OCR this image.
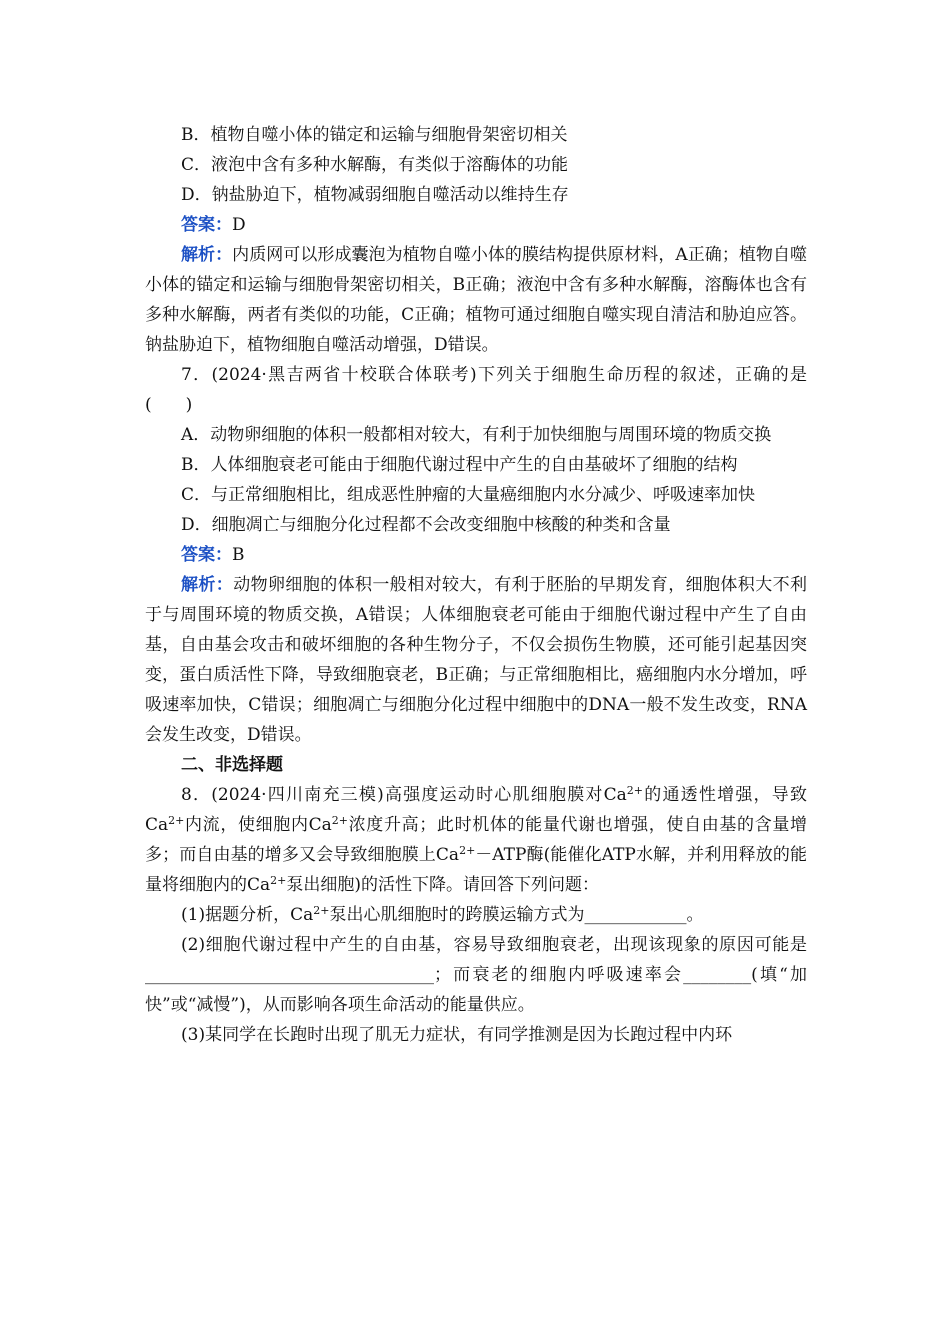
B．植物自噬小体的锚定和运输与细胞骨架密切相关

C．液泡中含有多种水解酶，有类似于溶酶体的功能

D．钠盐胁迫下，植物减弱细胞自噬活动以维持生存

答案：D

解析：内质网可以形成囊泡为植物自噬小体的膜结构提供原材料，A正确；植物自噬小体的锚定和运输与细胞骨架密切相关，B正确；液泡中含有多种水解酶，溶酶体也含有多种水解酶，两者有类似的功能，C正确；植物可通过细胞自噬实现自清洁和胁迫应答。钠盐胁迫下，植物细胞自噬活动增强，D错误。

7．(2024·黑吉两省十校联合体联考)下列关于细胞生命历程的叙述，正确的是(　　)

A．动物卵细胞的体积一般都相对较大，有利于加快细胞与周围环境的物质交换

B．人体细胞衰老可能由于细胞代谢过程中产生的自由基破坏了细胞的结构

C．与正常细胞相比，组成恶性肿瘤的大量癌细胞内水分减少、呼吸速率加快

D．细胞凋亡与细胞分化过程都不会改变细胞中核酸的种类和含量

答案：B

解析：动物卵细胞的体积一般相对较大，有利于胚胎的早期发育，细胞体积大不利于与周围环境的物质交换，A错误；人体细胞衰老可能由于细胞代谢过程中产生了自由基，自由基会攻击和破坏细胞的各种生物分子，不仅会损伤生物膜，还可能引起基因突变，蛋白质活性下降，导致细胞衰老，B正确；与正常细胞相比，癌细胞内水分增加，呼吸速率加快，C错误；细胞凋亡与细胞分化过程中细胞中的DNA一般不发生改变，RNA会发生改变，D错误。

二、非选择题

8．(2024·四川南充三模)高强度运动时心肌细胞膜对$Ca^{2+}$的通透性增强，导致$Ca^{2+}$内流，使细胞内$Ca^{2+}$浓度升高；此时机体的能量代谢也增强，使自由基的含量增多；而自由基的增多又会导致细胞膜上$Ca^{2+}-ATP$酶(能催化ATP水解，并利用释放的能量将细胞内的$Ca^{2+}$泵出细胞)的活性下降。请回答下列问题：

(1)据题分析，$Ca^{2+}$泵出心肌细胞时的跨膜运输方式为____________。

(2)细胞代谢过程中产生的自由基，容易导致细胞衰老，出现该现象的原因可能是__________________________________；而衰老的细胞内呼吸速率会________(填“加快”或“减慢”)，从而影响各项生命活动的能量供应。

(3)某同学在长跑时出现了肌无力症状，有同学推测是因为长跑过程中内环
